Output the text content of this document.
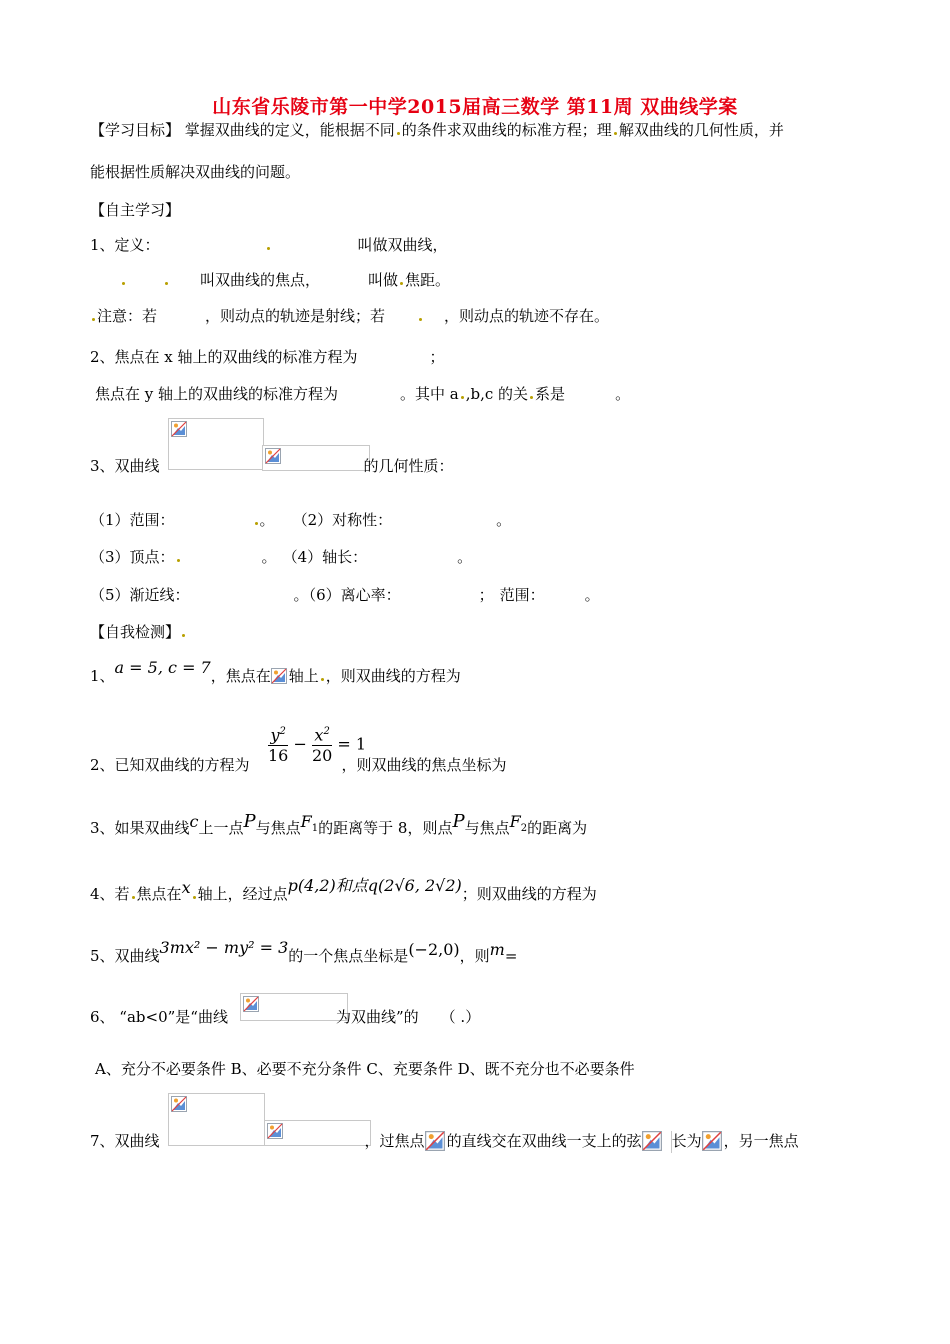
山东省乐陵市第一中学2015届高三数学 第11周 双曲线学案
【学习目标】 掌握双曲线的定义，能根据不同 的条件求双曲线的标准方程；理 解双曲线的几何性质，并
能根据性质解决双曲线的问题。
【自主学习】
1、定义：	叫做双曲线，
叫双曲线的焦点，	叫做 焦距。
注意：若	，则动点的轨迹是射线；若	，则动点的轨迹不存在。
2、焦点在 x 轴上的双曲线的标准方程为	；
焦点在 y 轴上的双曲线的标准方程为	。其中 a ,b,c 的关 系是	。
3、双曲线	的几何性质：
（1）范围：	。 （2）对称性：	。
（3）顶点：	。 （4）轴长：	。
（5）渐近线：	。（6）离心率：	； 范围：	。
【自我检测】
1、a = 5, c = 7，焦点在 轴上 ，则双曲线的方程为
$\frac{y^2}{16} - \frac{x^2}{20} = 1$
2、已知双曲线的方程为	，则双曲线的焦点坐标为
3、如果双曲线c上一点P与焦点$F_1$的距离等于 8，则点P与焦点$F_2$的距离为
4、若 焦点在x 轴上，经过点p(4,2)和点q(2√6, 2√2)；则双曲线的方程为
5、双曲线3mx² − my² = 3的一个焦点坐标是(−2,0)，则m=
6、 “ab<0”是“曲线	为双曲线”的 （ .）
A、充分不必要条件 B、必要不充分条件 C、充要条件 D、既不充分也不必要条件
7、双曲线	，过焦点 的直线交在双曲线一支上的弦 长为 ，另一焦点
